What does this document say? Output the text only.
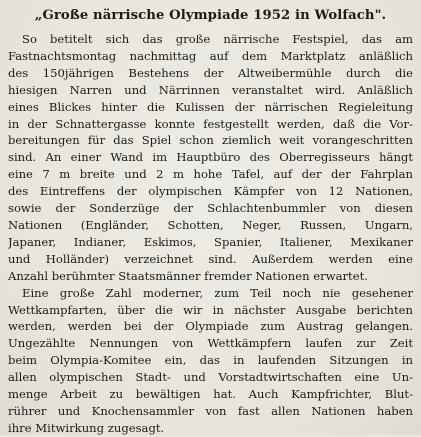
„Große närrische Olympiade 1952 in Wolfach".
So betitelt sich das große närrische Festspiel, das am
Fastnachtsmontag nachmittag auf dem Marktplatz anläßlich
des 150jährigen Bestehens der Altweibermühle durch die
hiesigen Narren und Närrinnen veranstaltet wird. Anläßlich
eines Blickes hinter die Kulissen der närrischen Regieleitung
in der Schnattergasse konnte festgestellt werden, daß die Vor-
bereitungen für das Spiel schon ziemlich weit vorangeschritten
sind. An einer Wand im Hauptbüro des Oberregisseurs hängt
eine 7 m breite und 2 m hohe Tafel, auf der der Fahrplan
des Eintreffens der olympischen Kämpfer von 12 Nationen,
sowie der Sonderzüge der Schlachtenbummler von diesen
Nationen (Engländer, Schotten, Neger, Russen, Ungarn,
Japaner, Indianer, Eskimos, Spanier, Italiener, Mexikaner
und Holländer) verzeichnet sind. Außerdem werden eine
Anzahl berühmter Staatsmänner fremder Nationen erwartet.
Eine große Zahl moderner, zum Teil noch nie gesehener
Wettkampfarten, über die wir in nächster Ausgabe berichten
werden, werden bei der Olympiade zum Austrag gelangen.
Ungezählte Nennungen von Wettkämpfern laufen zur Zeit
beim Olympia-Komitee ein, das in laufenden Sitzungen in
allen olympischen Stadt- und Vorstadtwirtschaften eine Un-
menge Arbeit zu bewältigen hat. Auch Kampfrichter, Blut-
rührer und Knochensammler von fast allen Nationen haben
ihre Mitwirkung zugesagt.
